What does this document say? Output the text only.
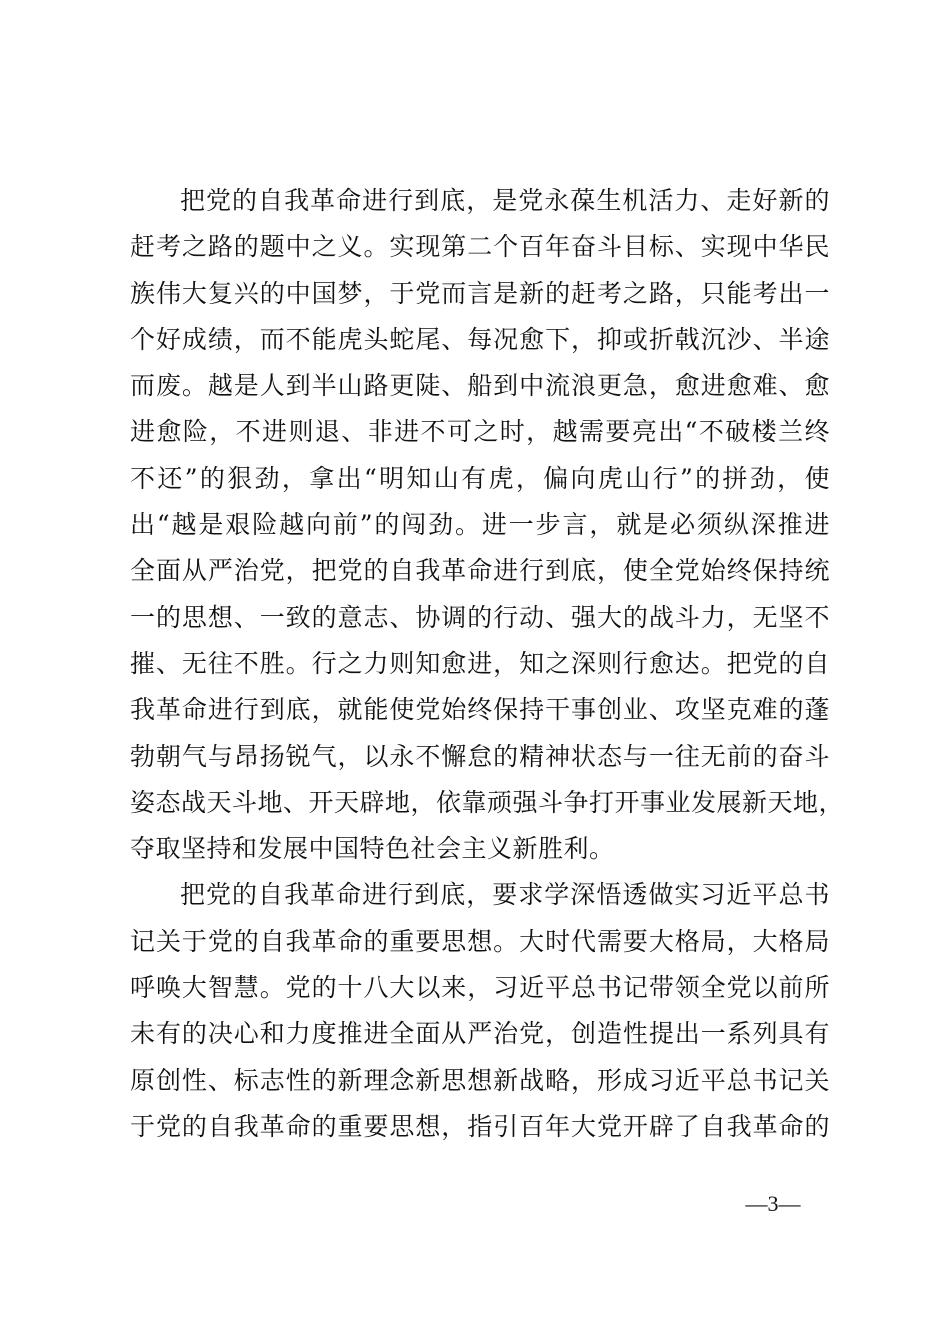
把党的自我革命进行到底，是党永葆生机活力、走好新的
赶考之路的题中之义。实现第二个百年奋斗目标、实现中华民
族伟大复兴的中国梦，于党而言是新的赶考之路，只能考出一
个好成绩，而不能虎头蛇尾、每况愈下，抑或折戟沉沙、半途
而废。越是人到半山路更陡、船到中流浪更急，愈进愈难、愈
进愈险，不进则退、非进不可之时，越需要亮出“不破楼兰终
不还”的狠劲，拿出“明知山有虎，偏向虎山行”的拼劲，使
出“越是艰险越向前”的闯劲。进一步言，就是必须纵深推进
全面从严治党，把党的自我革命进行到底，使全党始终保持统
一的思想、一致的意志、协调的行动、强大的战斗力，无坚不
摧、无往不胜。行之力则知愈进，知之深则行愈达。把党的自
我革命进行到底，就能使党始终保持干事创业、攻坚克难的蓬
勃朝气与昂扬锐气，以永不懈怠的精神状态与一往无前的奋斗
姿态战天斗地、开天辟地，依靠顽强斗争打开事业发展新天地，
夺取坚持和发展中国特色社会主义新胜利。
把党的自我革命进行到底，要求学深悟透做实习近平总书
记关于党的自我革命的重要思想。大时代需要大格局，大格局
呼唤大智慧。党的十八大以来，习近平总书记带领全党以前所
未有的决心和力度推进全面从严治党，创造性提出一系列具有
原创性、标志性的新理念新思想新战略，形成习近平总书记关
于党的自我革命的重要思想，指引百年大党开辟了自我革命的
—3—
